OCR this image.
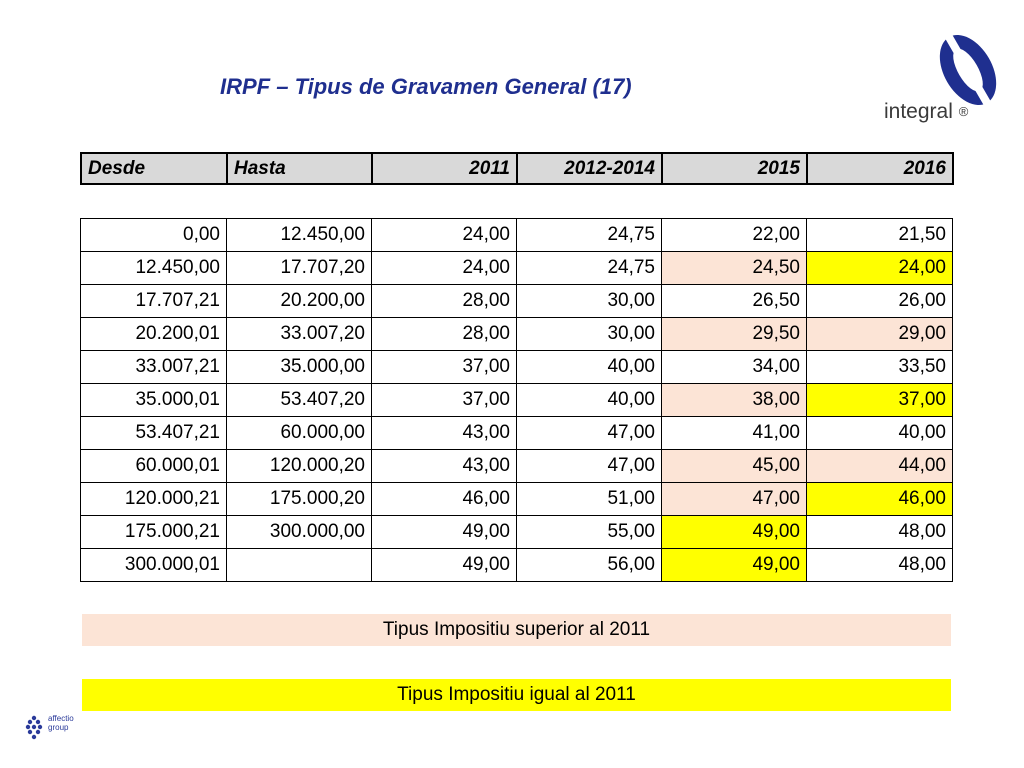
IRPF – Tipus de Gravamen General (17)
integral ®
Desde	Hasta	2011	2012-2014	2015	2016
0,00	12.450,00	24,00	24,75	22,00	21,50
12.450,00	17.707,20	24,00	24,75	24,50	24,00
17.707,21	20.200,00	28,00	30,00	26,50	26,00
20.200,01	33.007,20	28,00	30,00	29,50	29,00
33.007,21	35.000,00	37,00	40,00	34,00	33,50
35.000,01	53.407,20	37,00	40,00	38,00	37,00
53.407,21	60.000,00	43,00	47,00	41,00	40,00
60.000,01	120.000,20	43,00	47,00	45,00	44,00
120.000,21	175.000,20	46,00	51,00	47,00	46,00
175.000,21	300.000,00	49,00	55,00	49,00	48,00
300.000,01		49,00	56,00	49,00	48,00
Tipus Impositiu superior al 2011
Tipus Impositiu igual al 2011
affectio
group
